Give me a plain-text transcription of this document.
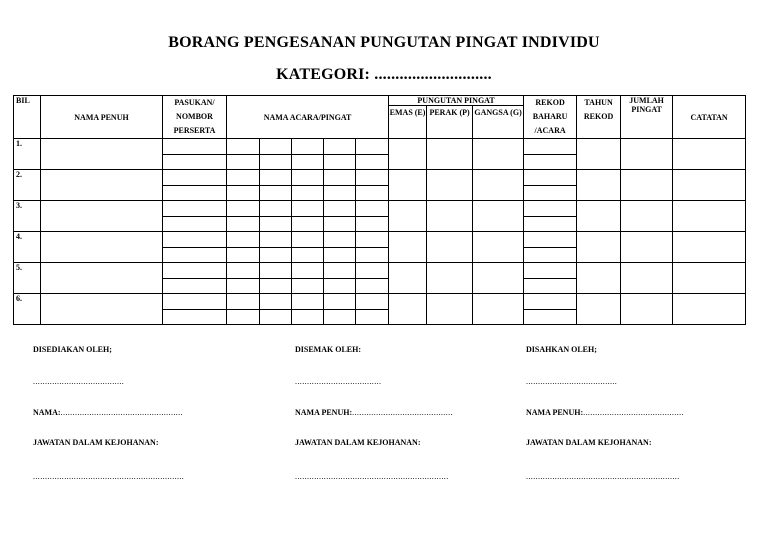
BORANG PENGESANAN PUNGUTAN PINGAT INDIVIDU
KATEGORI: ............................
BIL	NAMA PENUH	PASUKAN/ NOMBOR PERSERTA	NAMA ACARA/PINGAT					PUNGUTAN PINGAT			REKOD BAHARU /ACARA	TAHUN REKOD	JUMLAH PINGAT	CATATAN
								EMAS (E)	PERAK (P)	GANGSA (G)				
1.														

2.														

3.														

4.														

5.														

6.														

DISEDIAKAN OLEH;
......................................
NAMA:...................................................
JAWATAN DALAM KEJOHANAN:
...............................................................
DISEMAK OLEH:
....................................
NAMA PENUH:..........................................
JAWATAN DALAM KEJOHANAN:
................................................................
DISAHKAN OLEH;
......................................
NAMA PENUH:..........................................
JAWATAN DALAM KEJOHANAN:
................................................................
